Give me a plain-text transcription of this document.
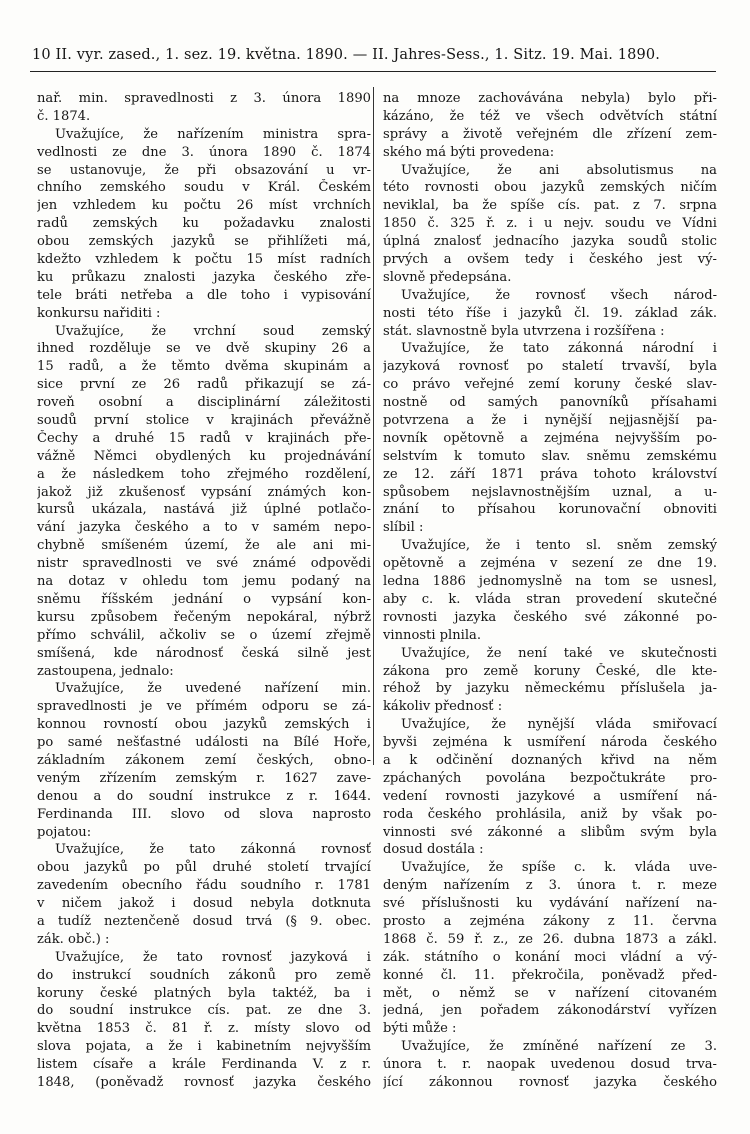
10 II. vyr. zased., 1. sez. 19. května. 1890. — II. Jahres-Sess., 1. Sitz. 19. Mai. 1890.
nař. min. spravedlnosti z 3. února 1890
č. 1874.
Uvažujíce, že nařízením ministra spra-
vedlnosti ze dne 3. února 1890 č. 1874
se ustanovuje, že při obsazování u vr-
chního zemského soudu v Král. Českém
jen vzhledem ku počtu 26 míst vrchních
radů zemských ku požadavku znalosti
obou zemských jazyků se přihlížeti má,
kdežto vzhledem k počtu 15 míst radních
ku průkazu znalosti jazyka českého zře-
tele bráti netřeba a dle toho i vypisování
konkursu nařiditi :
Uvažujíce, že vrchní soud zemský
ihned rozděluje se ve dvě skupiny 26 a
15 radů, a že těmto dvěma skupinám a
sice první ze 26 radů přikazují se zá-
roveň osobní a disciplinární záležitosti
soudů první stolice v krajinách převážně
Čechy a druhé 15 radů v krajinách pře-
vážně Němci obydlených ku projednávání
a že následkem toho zřejmého rozdělení,
jakož již zkušenosť vypsání známých kon-
kursů ukázala, nastává již úplné potlačo-
vání jazyka českého a to v samém nepo-
chybně smíšeném území, že ale ani mi-
nistr spravedlnosti ve své známé odpovědi
na dotaz v ohledu tom jemu podaný na
sněmu říšském jednání o vypsání kon-
kursu způsobem řečeným nepokáral, nýbrž
přímo schválil, ačkoliv se o území zřejmě
smíšená, kde národnosť česká silně jest
zastoupena, jednalo:
Uvažujíce, že uvedené nařízení min.
spravedlnosti je ve přímém odporu se zá-
konnou rovností obou jazyků zemských i
po samé nešťastné události na Bílé Hoře,
základním zákonem zemí českých, obno-
veným zřízením zemským r. 1627 zave-
denou a do soudní instrukce z r. 1644.
Ferdinanda III. slovo od slova naprosto
pojatou:
Uvažujíce, že tato zákonná rovnosť
obou jazyků po půl druhé století trvající
zavedením obecního řádu soudního r. 1781
v ničem jakož i dosud nebyla dotknuta
a tudíž neztenčeně dosud trvá (§ 9. obec.
zák. obč.) :
Uvažujíce, že tato rovnosť jazyková i
do instrukcí soudních zákonů pro země
koruny české platných byla taktéž, ba i
do soudní instrukce cís. pat. ze dne 3.
května 1853 č. 81 ř. z. místy slovo od
slova pojata, a že i kabinetním nejvyšším
listem císaře a krále Ferdinanda V. z r.
1848, (poněvadž rovnosť jazyka českého
na mnoze zachovávána nebyla) bylo při-
kázáno, že též ve všech odvětvích státní
správy a životě veřejném dle zřízení zem-
ského má býti provedena:
Uvažujíce, že ani absolutismus na
této rovnosti obou jazyků zemských ničím
neviklal, ba že spíše cís. pat. z 7. srpna
1850 č. 325 ř. z. i u nejv. soudu ve Vídni
úplná znalosť jednacího jazyka soudů stolic
prvých a ovšem tedy i českého jest vý-
slovně předepsána.
Uvažujíce, že rovnosť všech národ-
nosti této říše i jazyků čl. 19. základ zák.
stát. slavnostně byla utvrzena i rozšířena :
Uvažujíce, že tato zákonná národní i
jazyková rovnosť po staletí trvavší, byla
co právo veřejné zemí koruny české slav-
nostně od samých panovníků přísahami
potvrzena a že i nynější nejjasnější pa-
novník opětovně a zejména nejvyšším po-
selstvím k tomuto slav. sněmu zemskému
ze 12. září 1871 práva tohoto království
spůsobem nejslavnostnějším uznal, a u-
znání to přísahou korunovační obnoviti
slíbil :
Uvažujíce, že i tento sl. sněm zemský
opětovně a zejména v sezení ze dne 19.
ledna 1886 jednomyslně na tom se usnesl,
aby c. k. vláda stran provedení skutečné
rovnosti jazyka českého své zákonné po-
vinnosti plnila.
Uvažujíce, že není také ve skutečnosti
zákona pro země koruny České, dle kte-
réhož by jazyku německému příslušela ja-
kákoliv přednosť :
Uvažujíce, že nynější vláda smiřovací
byvši zejména k usmíření národa českého
a k odčinění doznaných křivd na něm
zpáchaných povolána bezpočtukráte pro-
vedení rovnosti jazykové a usmíření ná-
roda českého prohlásila, aniž by však po-
vinnosti své zákonné a slibům svým byla
dosud dostála :
Uvažujíce, že spíše c. k. vláda uve-
deným nařízením z 3. února t. r. meze
své příslušnosti ku vydávání nařízení na-
prosto a zejména zákony z 11. června
1868 č. 59 ř. z., ze 26. dubna 1873 a zákl.
zák. státního o konání moci vládní a vý-
konné čl. 11. překročila, poněvadž před-
mět, o němž se v nařízení citovaném
jedná, jen pořadem zákonodárství vyřízen
býti může :
Uvažujíce, že zmíněné nařízení ze 3.
února t. r. naopak uvedenou dosud trva-
jící zákonnou rovnosť jazyka českého
